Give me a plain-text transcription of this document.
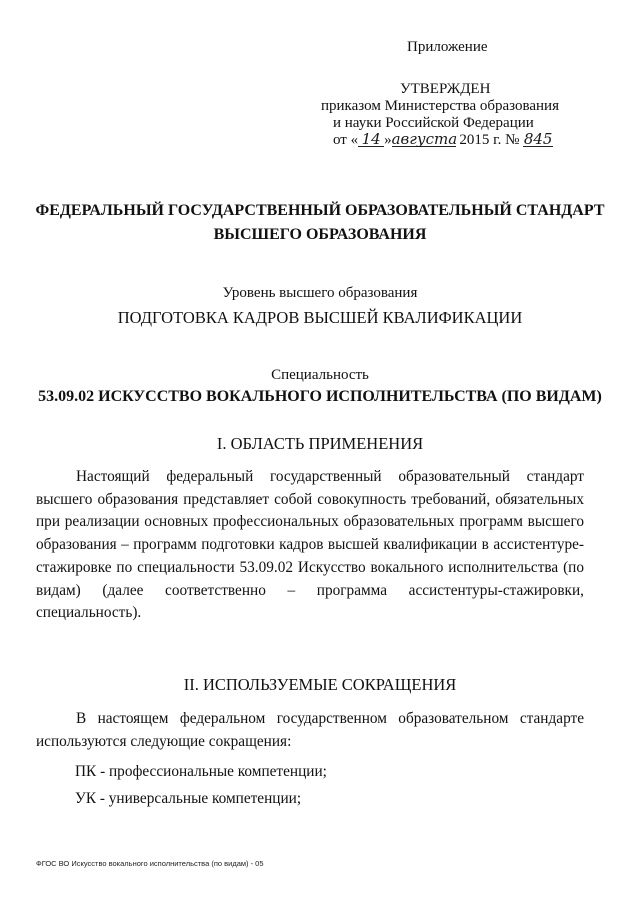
Приложение
УТВЕРЖДЕН
приказом Министерства образования
и науки Российской Федерации
от « 14 »августа 2015 г. № 845
ФЕДЕРАЛЬНЫЙ ГОСУДАРСТВЕННЫЙ ОБРАЗОВАТЕЛЬНЫЙ СТАНДАРТ
ВЫСШЕГО ОБРАЗОВАНИЯ
Уровень высшего образования
ПОДГОТОВКА КАДРОВ ВЫСШЕЙ КВАЛИФИКАЦИИ
Специальность
53.09.02 ИСКУССТВО ВОКАЛЬНОГО ИСПОЛНИТЕЛЬСТВА (ПО ВИДАМ)
I. ОБЛАСТЬ ПРИМЕНЕНИЯ
Настоящий федеральный государственный образовательный стандарт высшего образования представляет собой совокупность требований, обязательных при реализации основных профессиональных образовательных программ высшего образования – программ подготовки кадров высшей квалификации в ассистентуре-стажировке по специальности 53.09.02 Искусство вокального исполнительства (по видам) (далее соответственно – программа ассистентуры-стажировки, специальность).
II. ИСПОЛЬЗУЕМЫЕ СОКРАЩЕНИЯ
В настоящем федеральном государственном образовательном стандарте используются следующие сокращения:
ПК - профессиональные компетенции;
УК - универсальные компетенции;
ФГОС ВО Искусство вокального исполнительства (по видам) - 05
